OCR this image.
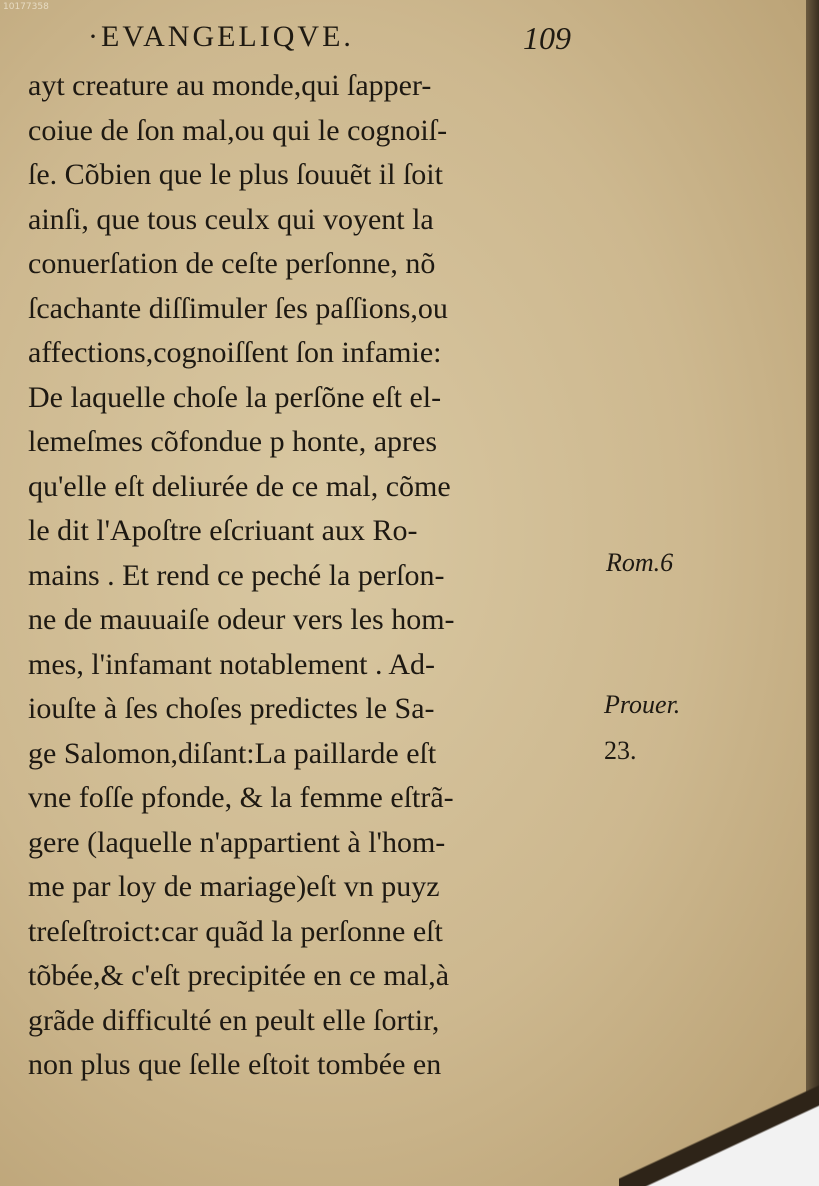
10177358
·EVANGELIQVE.	109
ayt creature au monde,qui ſapper-
coiue de ſon mal,ou qui le cognoiſ-
ſe. Cõbien que le plus ſouuẽt il ſoit
ainſi, que tous ceulx qui voyent la
conuerſation de ceſte perſonne, nõ
ſcachante diſſimuler ſes paſſions,ou
affections,cognoiſſent ſon infamie:
De laquelle choſe la perſõne eſt el-
lemeſmes cõfondue p honte, apres
qu'elle eſt deliurée de ce mal, cõme
le dit l'Apoſtre eſcriuant aux Ro-
mains . Et rend ce peché la perſon-
ne de mauuaiſe odeur vers les hom-
mes, l'infamant notablement . Ad-
iouſte à ſes choſes predictes le Sa-
ge Salomon,diſant:La paillarde eſt
vne foſſe pfonde, & la femme eſtrã-
gere (laquelle n'appartient à l'hom-
me par loy de mariage)eſt vn puyz
treſeſtroict:car quãd la perſonne eſt
tõbée,& c'eſt precipitée en ce mal,à
grãde difficulté en peult elle ſortir,
non plus que ſelle eſtoit tombée en
Rom.6
Prouer.
23.
